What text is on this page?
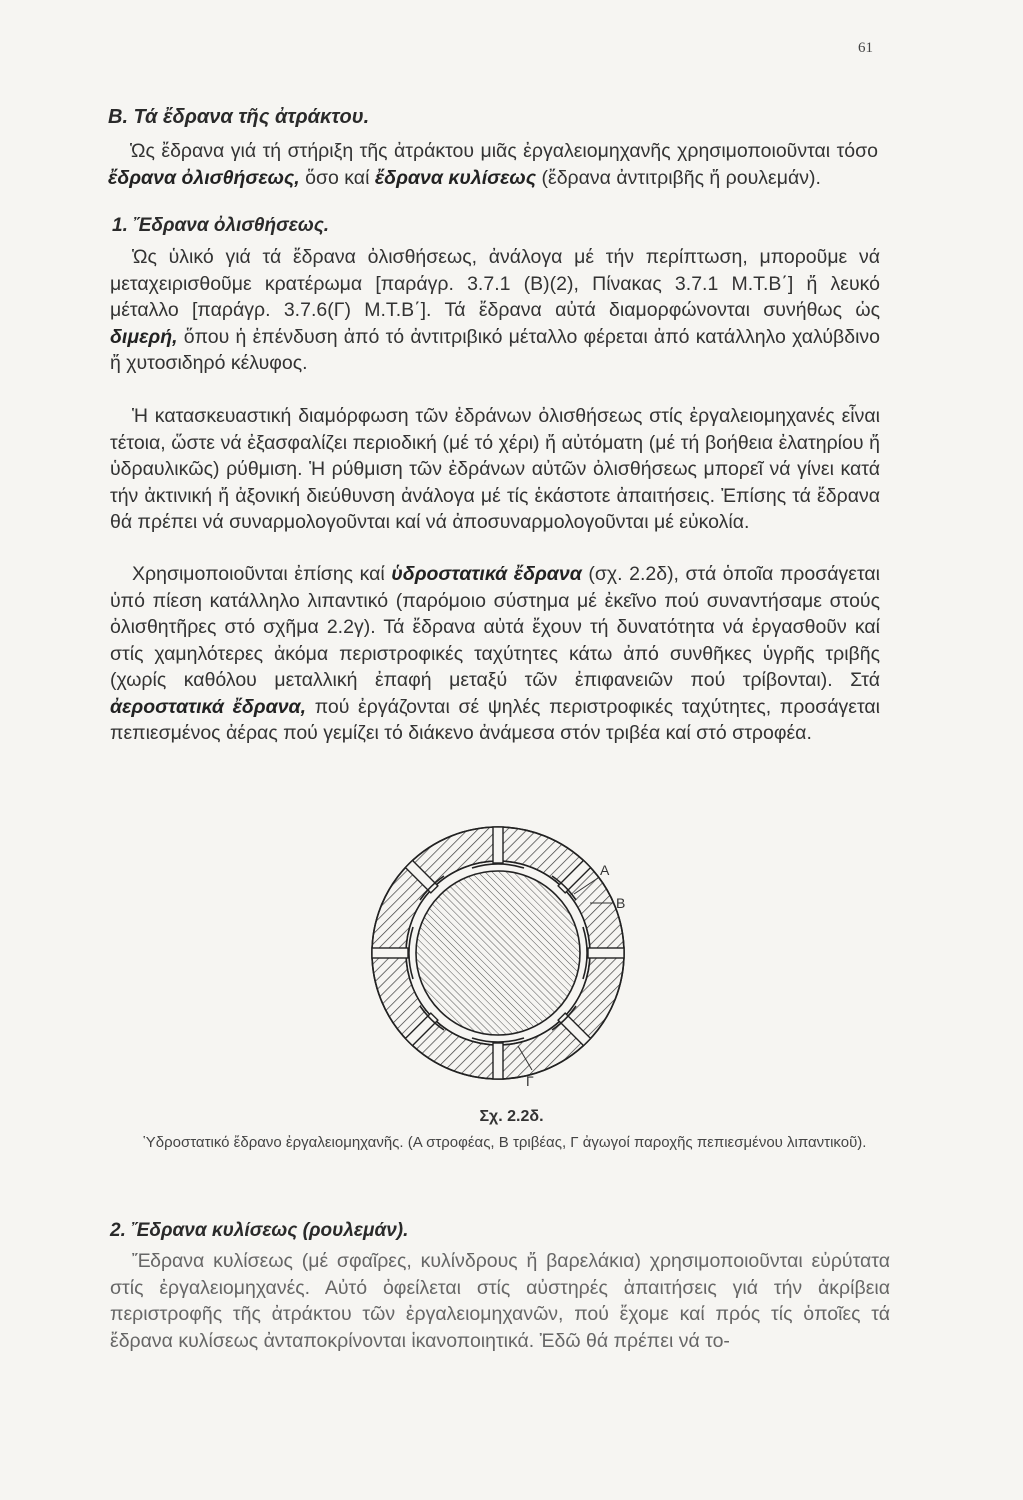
61
Β. Τά ἔδρανα τῆς ἀτράκτου.
Ὡς ἔδρανα γιά τή στήριξη τῆς ἀτράκτου μιᾶς ἐργαλειομηχανῆς χρησιμοποιοῦνται τόσο ἔδρανα ὀλισθήσεως, ὅσο καί ἔδρανα κυλίσεως (ἔδρανα ἀντιτριβῆς ἤ ρουλεμάν).
1. Ἔδρανα ὀλισθήσεως.
Ὡς ὑλικό γιά τά ἔδρανα ὀλισθήσεως, ἀνάλογα μέ τήν περίπτωση, μποροῦμε νά μεταχειρισθοῦμε κρατέρωμα [παράγρ. 3.7.1 (Β)(2), Πίνακας 3.7.1 Μ.Τ.Β΄] ἤ λευκό μέταλλο [παράγρ. 3.7.6(Γ) Μ.Τ.Β΄]. Τά ἔδρανα αὐτά διαμορφώνονται συνήθως ὡς διμερή, ὅπου ἡ ἐπένδυση ἀπό τό ἀντιτριβικό μέταλλο φέρεται ἀπό κατάλληλο χαλύβδινο ἤ χυτοσιδηρό κέλυφος.
Ἡ κατασκευαστική διαμόρφωση τῶν ἐδράνων ὀλισθήσεως στίς ἐργαλειομηχανές εἶναι τέτοια, ὥστε νά ἐξασφαλίζει περιοδική (μέ τό χέρι) ἤ αὐτόματη (μέ τή βοήθεια ἐλατηρίου ἤ ὑδραυλικῶς) ρύθμιση. Ἡ ρύθμιση τῶν ἐδράνων αὐτῶν ὀλισθήσεως μπορεῖ νά γίνει κατά τήν ἀκτινική ἤ ἀξονική διεύθυνση ἀνάλογα μέ τίς ἑκάστοτε ἀπαιτήσεις. Ἐπίσης τά ἔδρανα θά πρέπει νά συναρμολογοῦνται καί νά ἀποσυναρμολογοῦνται μέ εὐκολία.
Χρησιμοποιοῦνται ἐπίσης καί ὑδροστατικά ἔδρανα (σχ. 2.2δ), στά ὁποῖα προσάγεται ὑπό πίεση κατάλληλο λιπαντικό (παρόμοιο σύστημα μέ ἐκεῖνο πού συναντήσαμε στούς ὀλισθητῆρες στό σχῆμα 2.2γ). Τά ἔδρανα αὐτά ἔχουν τή δυνατότητα νά ἐργασθοῦν καί στίς χαμηλότερες ἀκόμα περιστροφικές ταχύτητες κάτω ἀπό συνθῆκες ὑγρῆς τριβῆς (χωρίς καθόλου μεταλλική ἐπαφή μεταξύ τῶν ἐπιφανειῶν πού τρίβονται). Στά ἀεροστατικά ἔδρανα, πού ἐργάζονται σέ ψηλές περιστροφικές ταχύτητες, προσάγεται πεπιεσμένος ἀέρας πού γεμίζει τό διάκενο ἀνάμεσα στόν τριβέα καί στό στροφέα.
Α
Β
Γ
Σχ. 2.2δ.
Ὑδροστατικό ἔδρανο ἐργαλειομηχανῆς. (Α στροφέας, Β τριβέας, Γ ἀγωγοί παροχῆς πεπιεσμένου λιπαντικοῦ).
2. Ἔδρανα κυλίσεως (ρουλεμάν).
Ἔδρανα κυλίσεως (μέ σφαῖρες, κυλίνδρους ἤ βαρελάκια) χρησιμοποιοῦνται εὐρύτατα στίς ἐργαλειομηχανές. Αὐτό ὀφείλεται στίς αὐστηρές ἀπαιτήσεις γιά τήν ἀκρίβεια περιστροφῆς τῆς ἀτράκτου τῶν ἐργαλειομηχανῶν, πού ἔχομε καί πρός τίς ὁποῖες τά ἔδρανα κυλίσεως ἀνταποκρίνονται ἱκανοποιητικά. Ἐδῶ θά πρέπει νά το-
